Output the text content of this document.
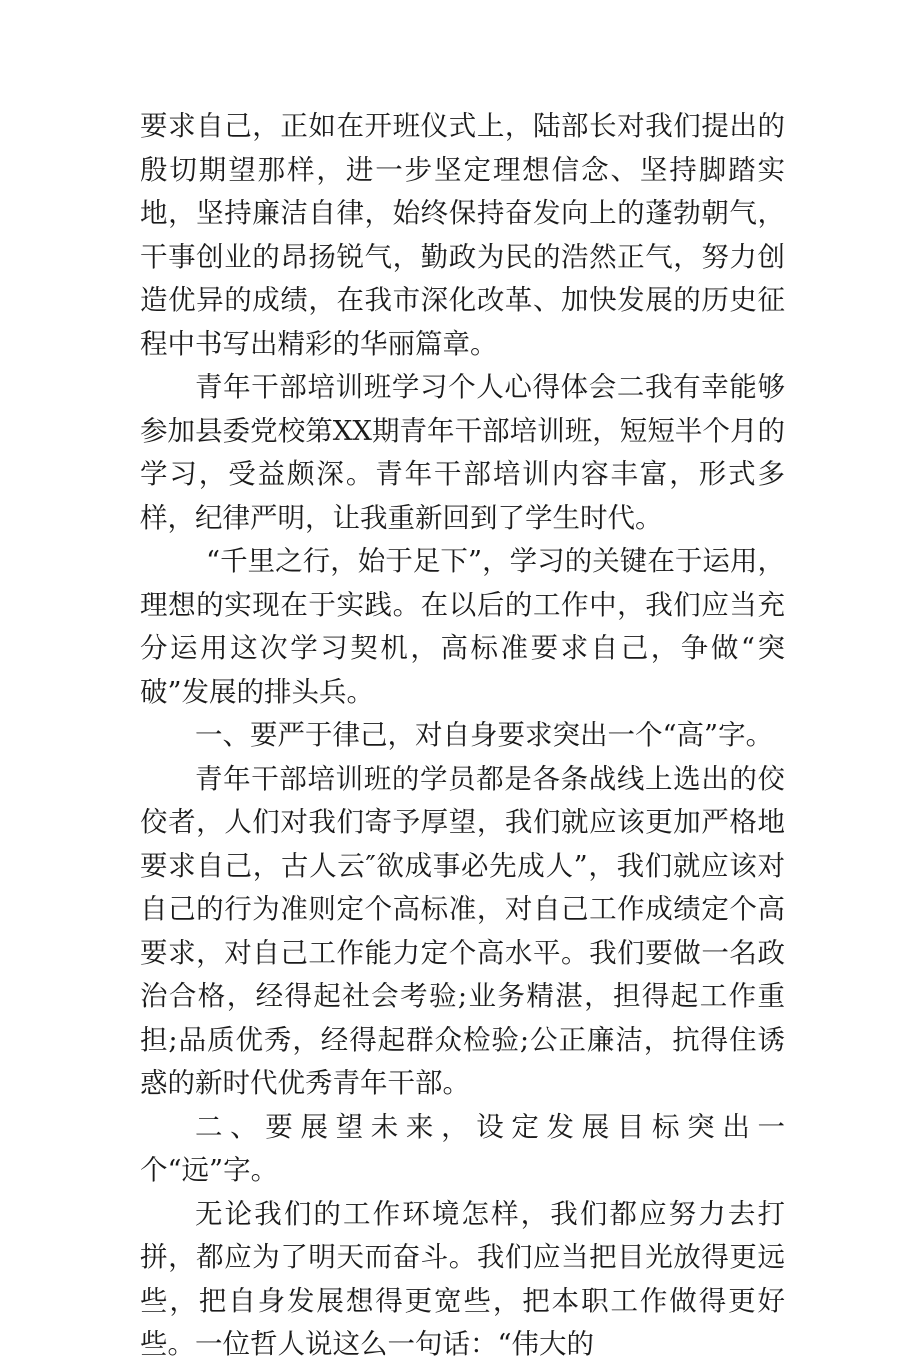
要求自己，正如在开班仪式上，陆部长对我们提出的殷切期望那样，进一步坚定理想信念、坚持脚踏实地，坚持廉洁自律，始终保持奋发向上的蓬勃朝气，干事创业的昂扬锐气，勤政为民的浩然正气，努力创造优异的成绩，在我市深化改革、加快发展的历史征程中书写出精彩的华丽篇章。

青年干部培训班学习个人心得体会二我有幸能够参加县委党校第XX期青年干部培训班，短短半个月的学习，受益颇深。青年干部培训内容丰富，形式多样，纪律严明，让我重新回到了学生时代。

“千里之行，始于足下”，学习的关键在于运用，理想的实现在于实践。在以后的工作中，我们应当充分运用这次学习契机，高标准要求自己，争做“突破”发展的排头兵。

一、要严于律己，对自身要求突出一个“高”字。

青年干部培训班的学员都是各条战线上选出的佼佼者，人们对我们寄予厚望，我们就应该更加严格地要求自己，古人云″欲成事必先成人”，我们就应该对自己的行为准则定个高标准，对自己工作成绩定个高要求，对自己工作能力定个高水平。我们要做一名政治合格，经得起社会考验;业务精湛，担得起工作重担;品质优秀，经得起群众检验;公正廉洁，抗得住诱惑的新时代优秀青年干部。

二、要展望未来，设定发展目标突出一个“远”字。

无论我们的工作环境怎样，我们都应努力去打拼，都应为了明天而奋斗。我们应当把目光放得更远些，把自身发展想得更宽些，把本职工作做得更好些。一位哲人说这么一句话：“伟大的
